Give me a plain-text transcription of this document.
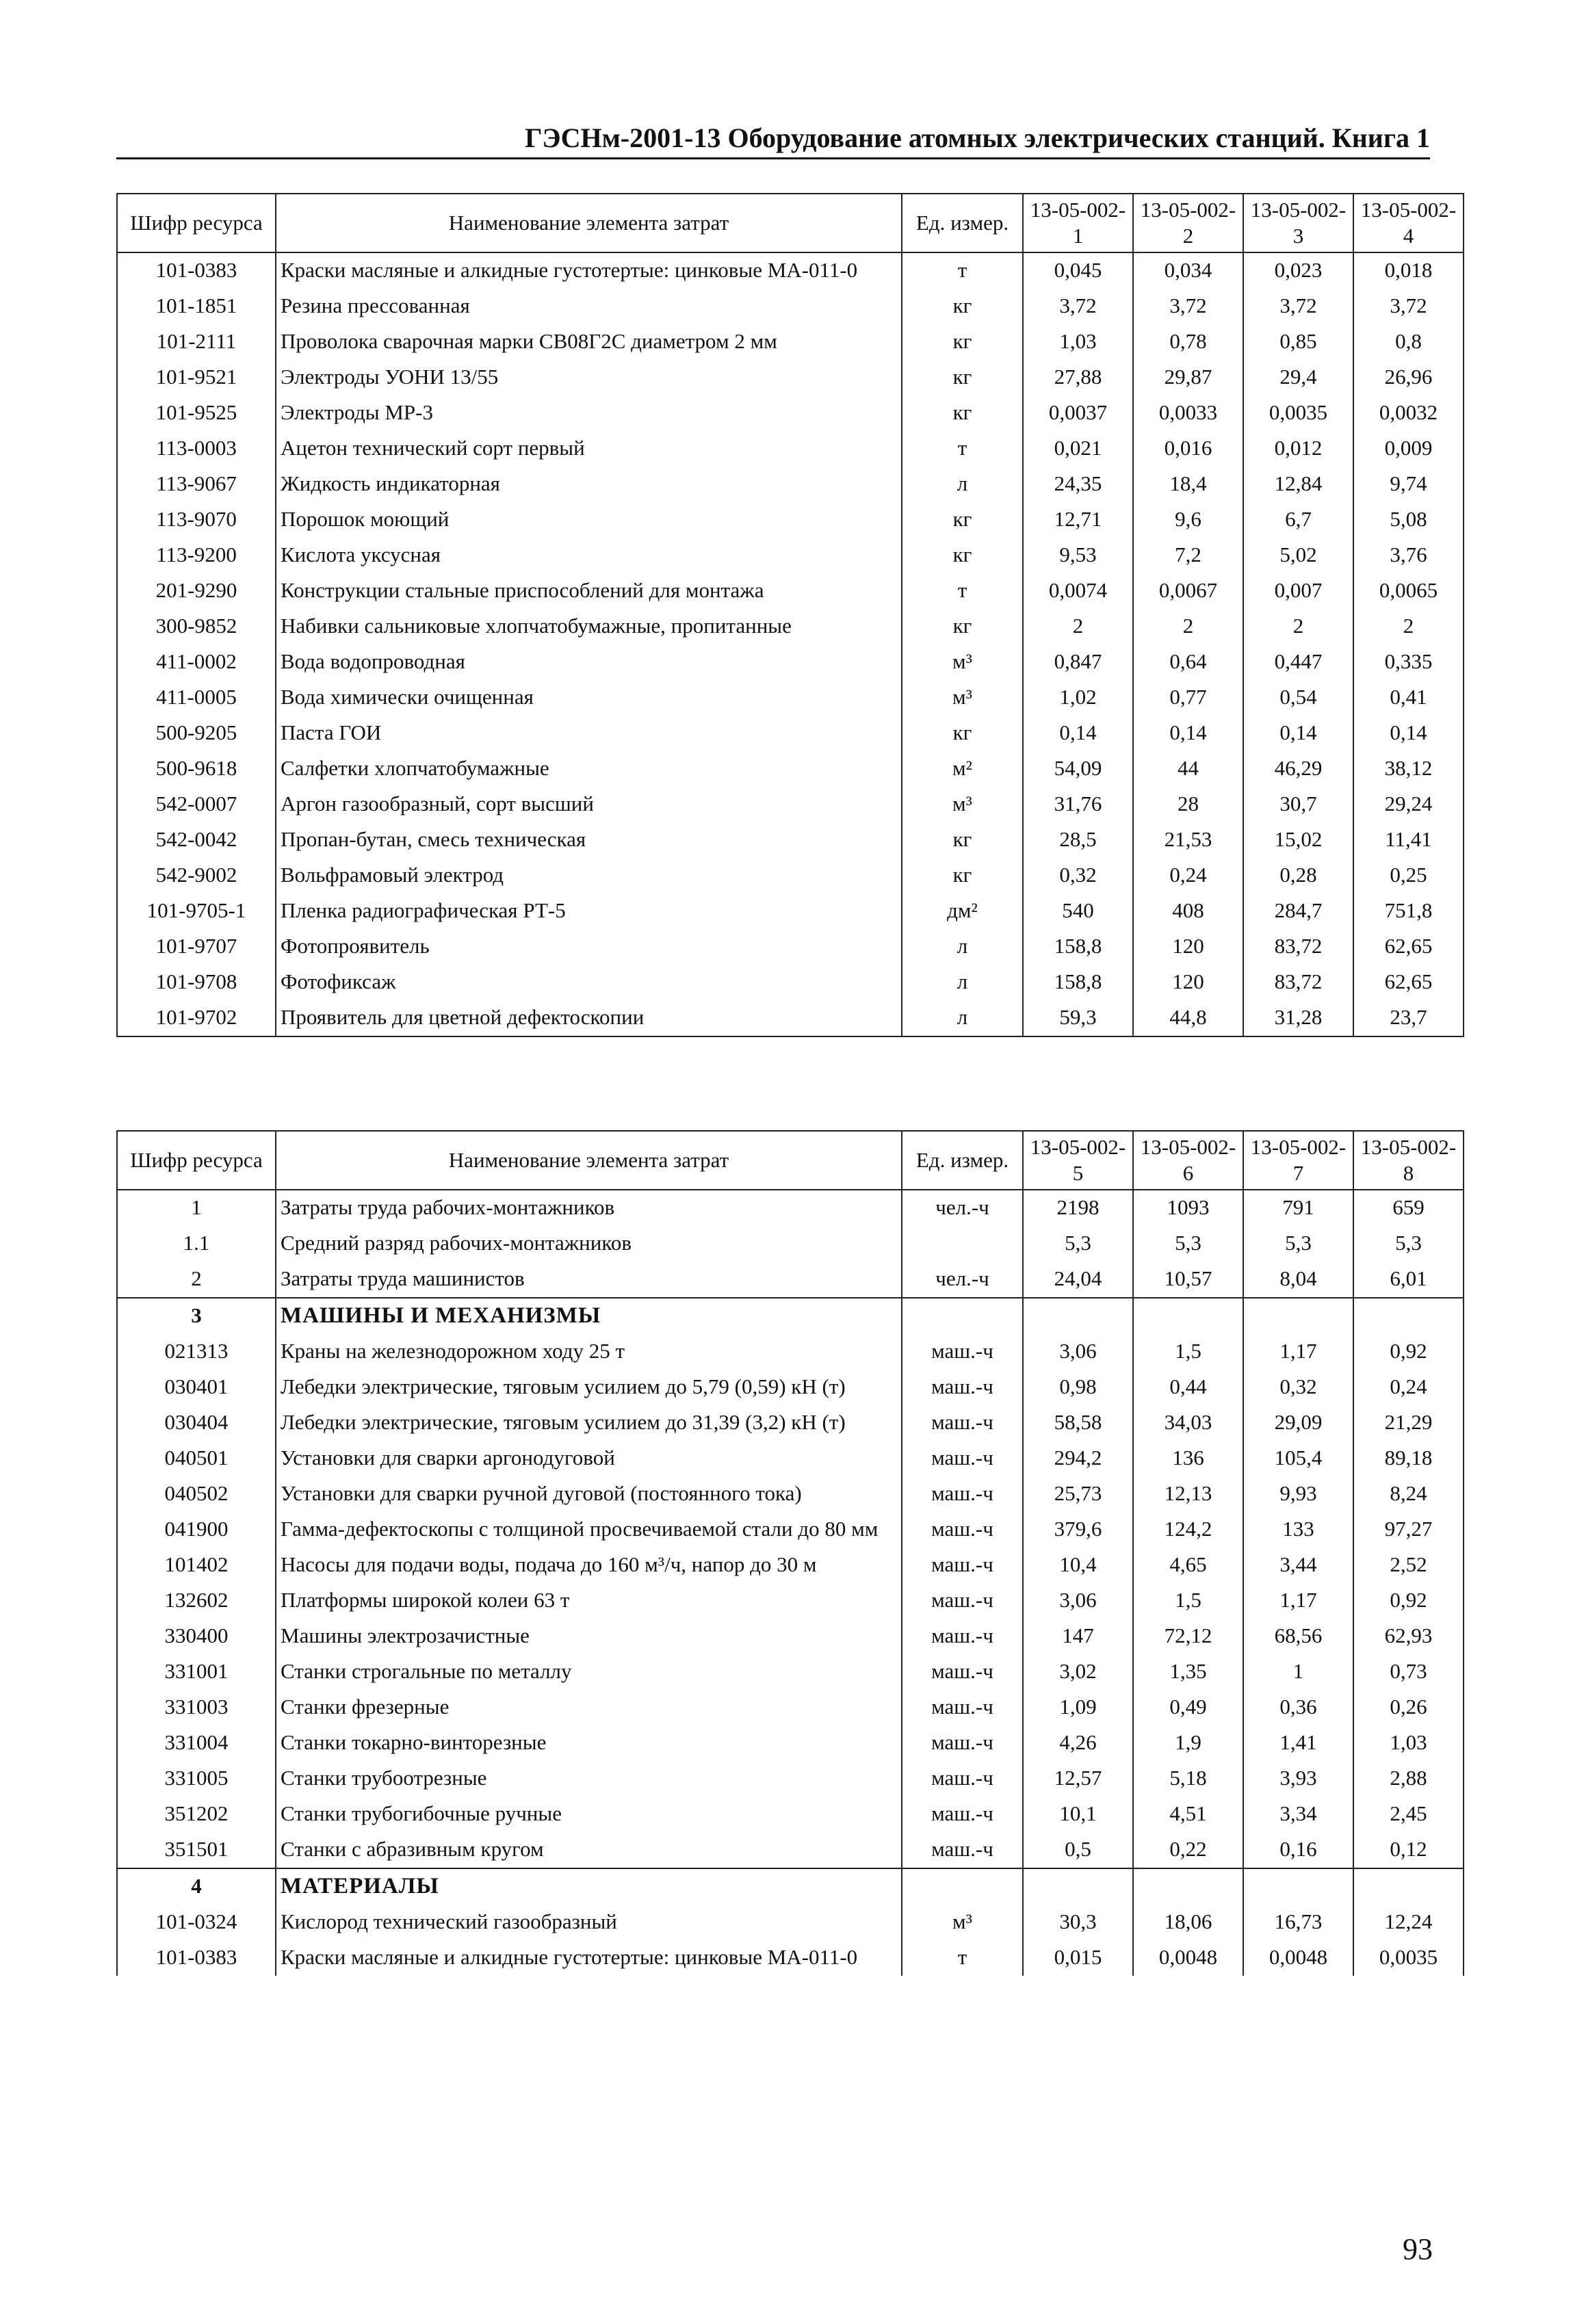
ГЭСНм-2001-13 Оборудование атомных электрических станций. Книга 1
Шифр ресурса	Наименование элемента затрат	Ед. измер.	13-05-002-1	13-05-002-2	13-05-002-3	13-05-002-4
101-0383	Краски масляные и алкидные густотертые: цинковые МА-011-0	т	0,045	0,034	0,023	0,018
101-1851	Резина прессованная	кг	3,72	3,72	3,72	3,72
101-2111	Проволока сварочная марки СВ08Г2С диаметром 2 мм	кг	1,03	0,78	0,85	0,8
101-9521	Электроды УОНИ 13/55	кг	27,88	29,87	29,4	26,96
101-9525	Электроды МР-3	кг	0,0037	0,0033	0,0035	0,0032
113-0003	Ацетон технический сорт первый	т	0,021	0,016	0,012	0,009
113-9067	Жидкость индикаторная	л	24,35	18,4	12,84	9,74
113-9070	Порошок моющий	кг	12,71	9,6	6,7	5,08
113-9200	Кислота уксусная	кг	9,53	7,2	5,02	3,76
201-9290	Конструкции стальные приспособлений для монтажа	т	0,0074	0,0067	0,007	0,0065
300-9852	Набивки сальниковые хлопчатобумажные, пропитанные	кг	2	2	2	2
411-0002	Вода водопроводная	м³	0,847	0,64	0,447	0,335
411-0005	Вода химически очищенная	м³	1,02	0,77	0,54	0,41
500-9205	Паста ГОИ	кг	0,14	0,14	0,14	0,14
500-9618	Салфетки хлопчатобумажные	м²	54,09	44	46,29	38,12
542-0007	Аргон газообразный, сорт высший	м³	31,76	28	30,7	29,24
542-0042	Пропан-бутан, смесь техническая	кг	28,5	21,53	15,02	11,41
542-9002	Вольфрамовый электрод	кг	0,32	0,24	0,28	0,25
101-9705-1	Пленка радиографическая РТ-5	дм²	540	408	284,7	751,8
101-9707	Фотопроявитель	л	158,8	120	83,72	62,65
101-9708	Фотофиксаж	л	158,8	120	83,72	62,65
101-9702	Проявитель для цветной дефектоскопии	л	59,3	44,8	31,28	23,7
Шифр ресурса	Наименование элемента затрат	Ед. измер.	13-05-002-5	13-05-002-6	13-05-002-7	13-05-002-8
1	Затраты труда рабочих-монтажников	чел.-ч	2198	1093	791	659
1.1	Средний разряд рабочих-монтажников		5,3	5,3	5,3	5,3
2	Затраты труда машинистов	чел.-ч	24,04	10,57	8,04	6,01
3	МАШИНЫ И МЕХАНИЗМЫ					
021313	Краны на железнодорожном ходу 25 т	маш.-ч	3,06	1,5	1,17	0,92
030401	Лебедки электрические, тяговым усилием до 5,79 (0,59) кН (т)	маш.-ч	0,98	0,44	0,32	0,24
030404	Лебедки электрические, тяговым усилием до 31,39 (3,2) кН (т)	маш.-ч	58,58	34,03	29,09	21,29
040501	Установки для сварки аргонодуговой	маш.-ч	294,2	136	105,4	89,18
040502	Установки для сварки ручной дуговой (постоянного тока)	маш.-ч	25,73	12,13	9,93	8,24
041900	Гамма-дефектоскопы с толщиной просвечиваемой стали до 80 мм	маш.-ч	379,6	124,2	133	97,27
101402	Насосы для подачи воды, подача до 160 м³/ч, напор до 30 м	маш.-ч	10,4	4,65	3,44	2,52
132602	Платформы широкой колеи 63 т	маш.-ч	3,06	1,5	1,17	0,92
330400	Машины электрозачистные	маш.-ч	147	72,12	68,56	62,93
331001	Станки строгальные по металлу	маш.-ч	3,02	1,35	1	0,73
331003	Станки фрезерные	маш.-ч	1,09	0,49	0,36	0,26
331004	Станки токарно-винторезные	маш.-ч	4,26	1,9	1,41	1,03
331005	Станки трубоотрезные	маш.-ч	12,57	5,18	3,93	2,88
351202	Станки трубогибочные ручные	маш.-ч	10,1	4,51	3,34	2,45
351501	Станки с абразивным кругом	маш.-ч	0,5	0,22	0,16	0,12
4	МАТЕРИАЛЫ					
101-0324	Кислород технический газообразный	м³	30,3	18,06	16,73	12,24
101-0383	Краски масляные и алкидные густотертые: цинковые МА-011-0	т	0,015	0,0048	0,0048	0,0035
93
